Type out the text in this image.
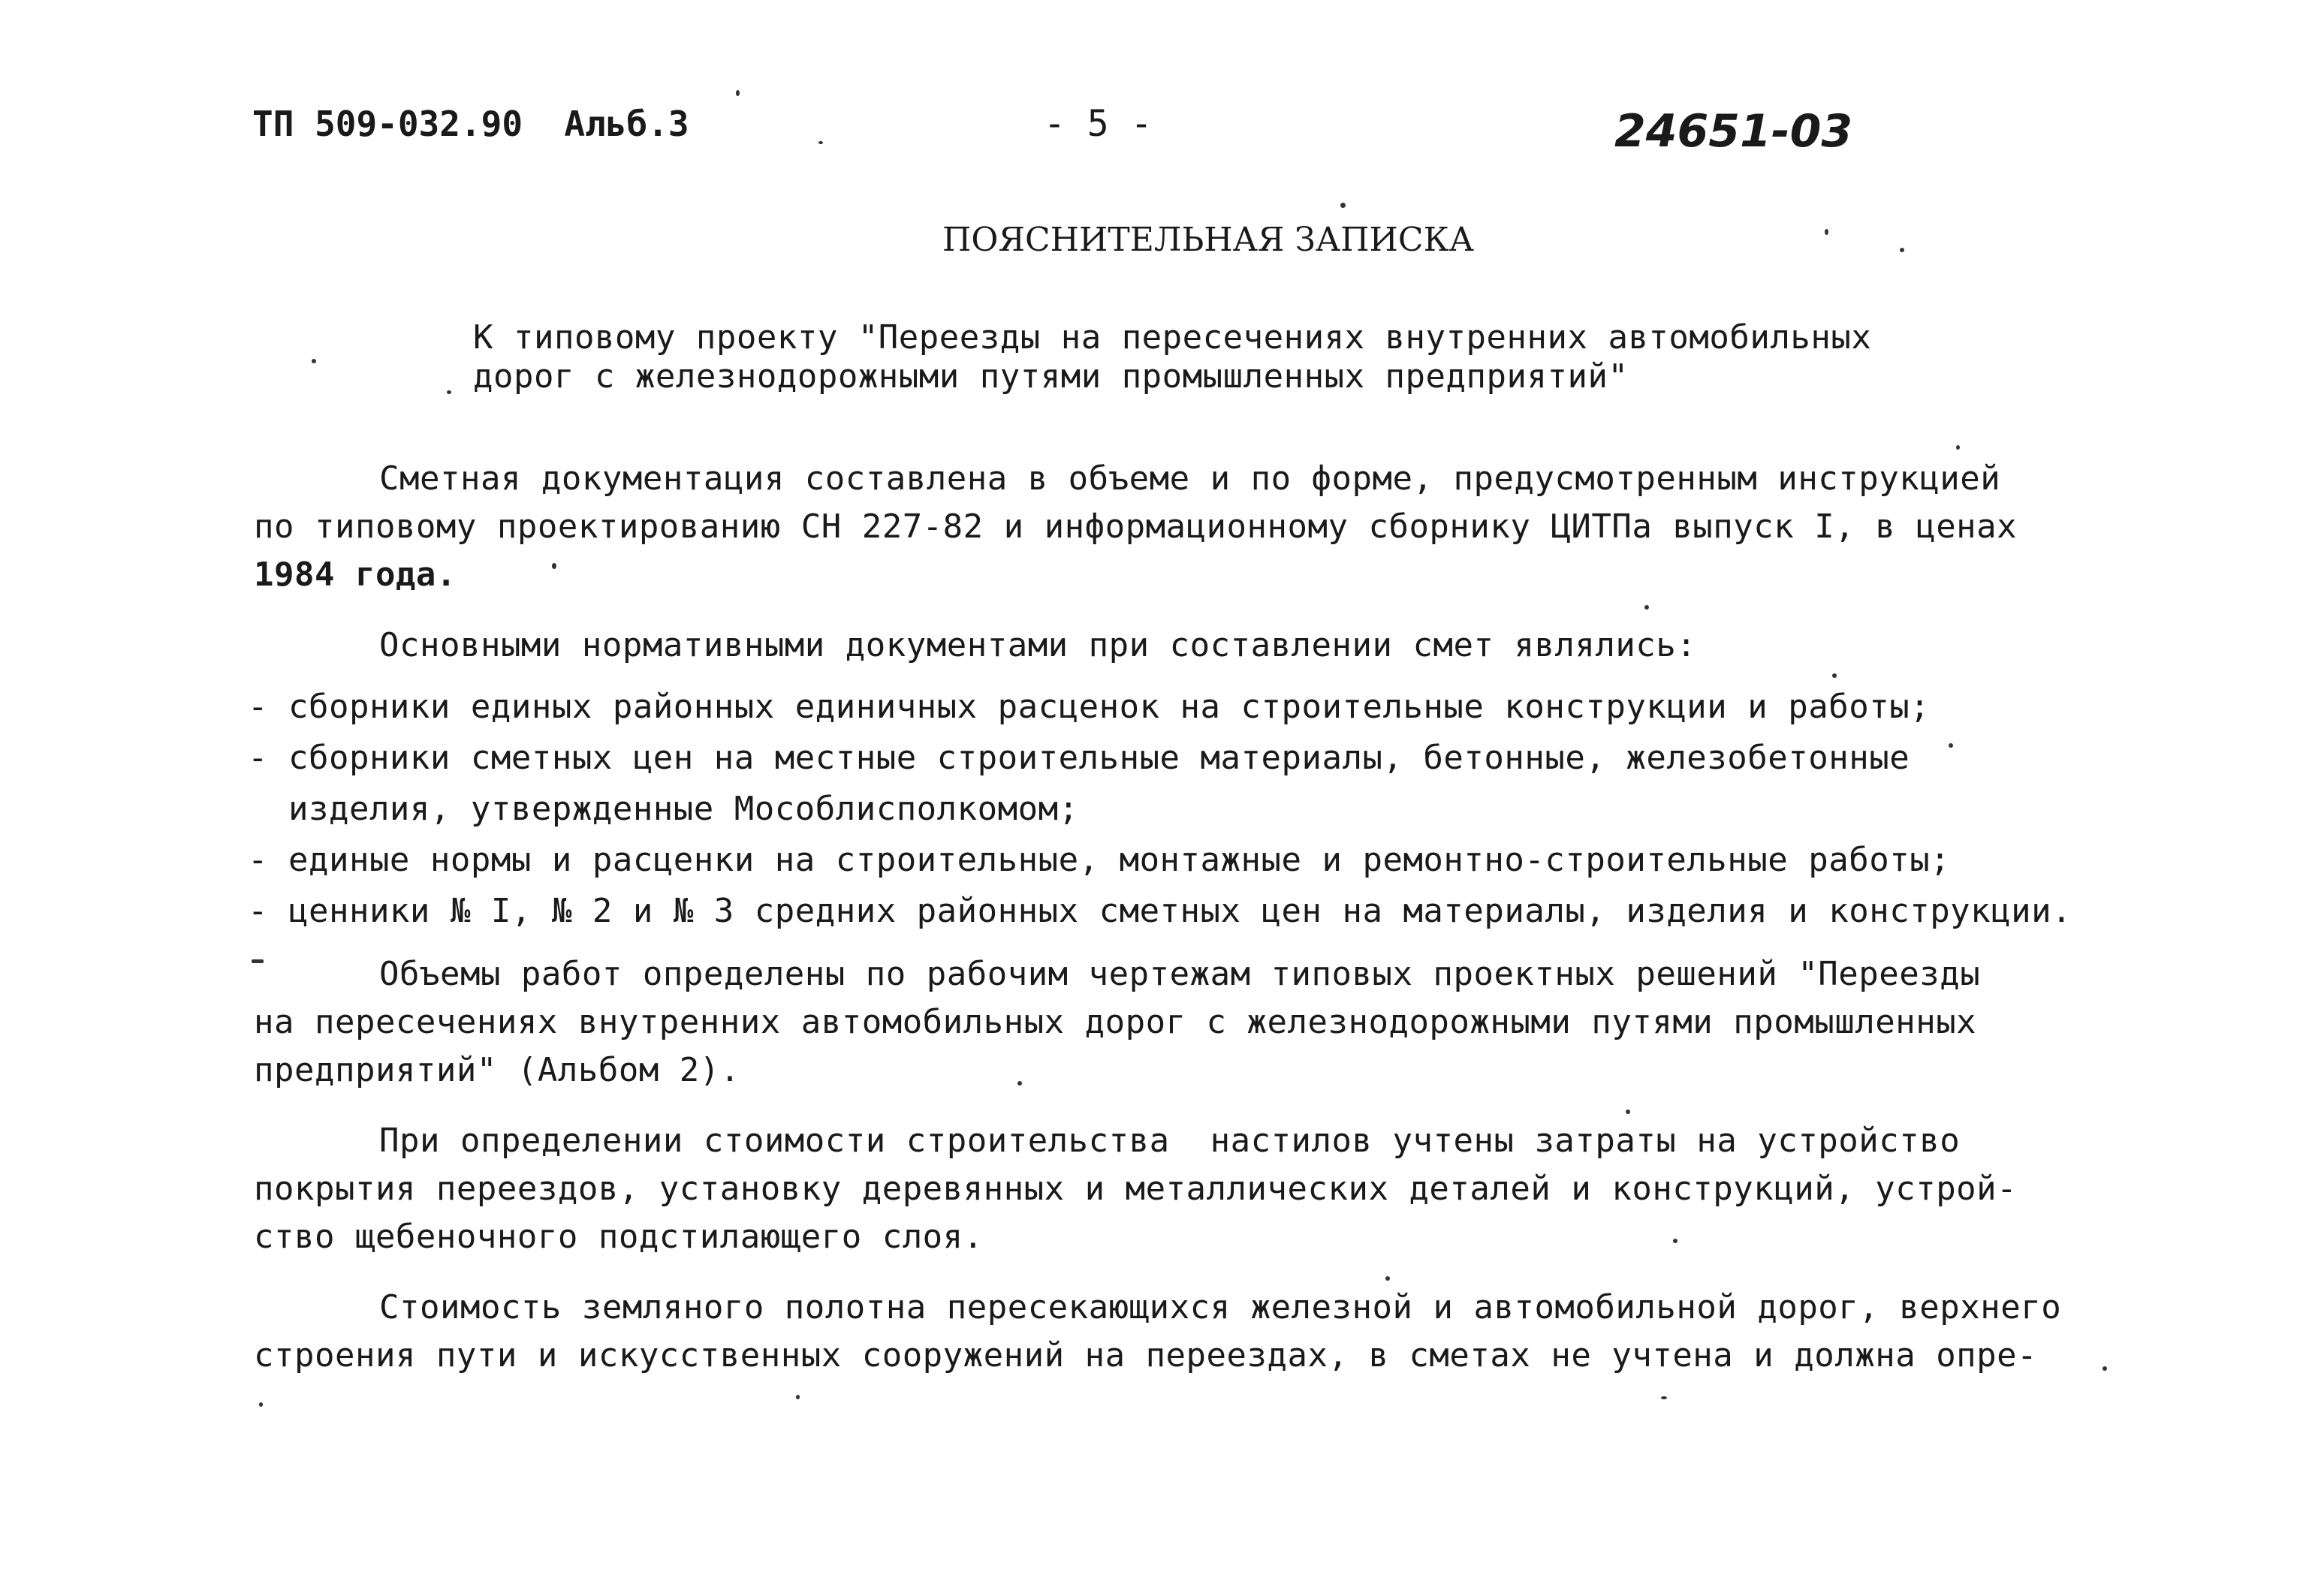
ТП 509-032.90  Альб.3	- 5 -	24651-03
ПОЯСНИТЕЛЬНАЯ ЗАПИСКА
К типовому проекту "Переезды на пересечениях внутренних автомобильных
дорог с железнодорожными путями промышленных предприятий"
Сметная документация составлена в объеме и по форме, предусмотренным инструкцией
по типовому проектированию СН 227-82 и информационному сборнику ЦИТПа выпуск I, в ценах
1984 года.
Основными нормативными документами при составлении смет являлись:
- сборники единых районных единичных расценок на строительные конструкции и работы;
- сборники сметных цен на местные строительные материалы, бетонные, железобетонные
изделия, утвержденные Мособлисполкомом;
- единые нормы и расценки на строительные, монтажные и ремонтно-строительные работы;
- ценники № I, № 2 и № 3 средних районных сметных цен на материалы, изделия и конструкции.
Объемы работ определены по рабочим чертежам типовых проектных решений "Переезды
на пересечениях внутренних автомобильных дорог с железнодорожными путями промышленных
предприятий" (Альбом 2).
При определении стоимости строительства  настилов учтены затраты на устройство
покрытия переездов, установку деревянных и металлических деталей и конструкций, устрой-
ство щебеночного подстилающего слоя.
Стоимость земляного полотна пересекающихся железной и автомобильной дорог, верхнего
строения пути и искусственных сооружений на переездах, в сметах не учтена и должна опре-
